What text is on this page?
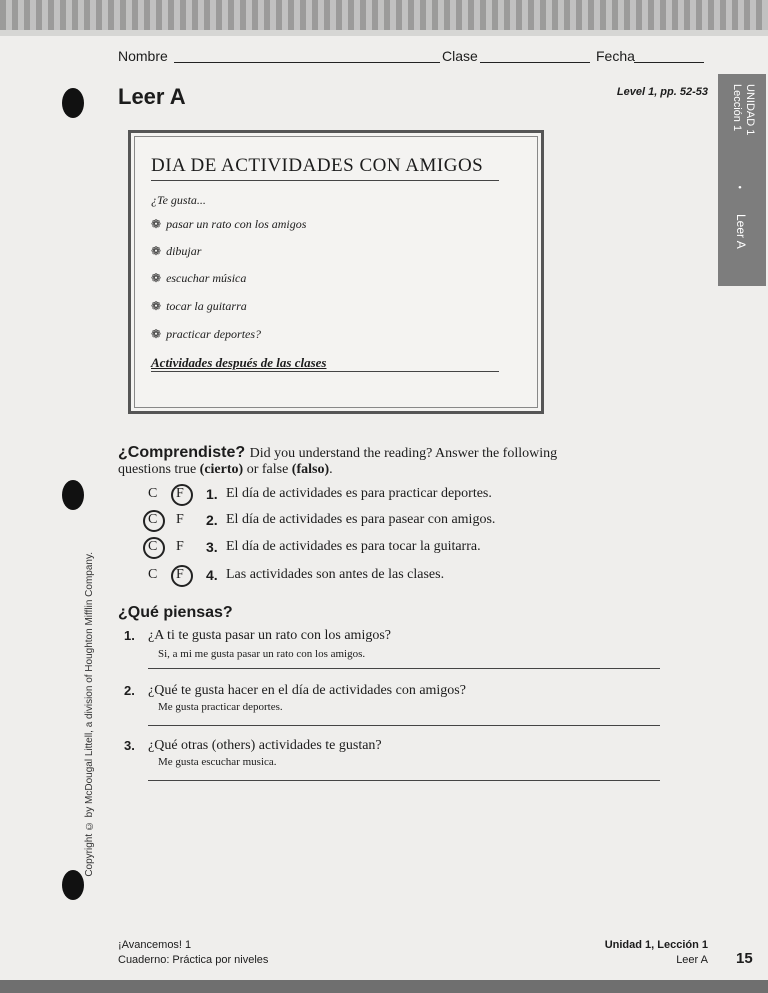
Nombre	Clase	Fecha
Leer A	Level 1, pp. 52-53	UNIDAD 1
Lección 1
•
Leer A
Copyright © by McDougal Littell, a division of Houghton Mifflin Company.
DIA DE ACTIVIDADES CON AMIGOS
¿Te gusta...
❁ pasar un rato con los amigos
❁ dibujar
❁ escuchar música
❁ tocar la guitarra
❁ practicar deportes?
Actividades después de las clases
¿Comprendiste? Did you understand the reading? Answer the following
questions true (cierto) or false (falso).
C F 1. El día de actividades es para practicar deportes.
C F 2. El día de actividades es para pasear con amigos.
C F 3. El día de actividades es para tocar la guitarra.
C F 4. Las actividades son antes de las clases.
¿Qué piensas?
1. ¿A ti te gusta pasar un rato con los amigos?
Si, a mi me gusta pasar un rato con los amigos.
2. ¿Qué te gusta hacer en el día de actividades con amigos?
Me gusta practicar deportes.
3. ¿Qué otras (others) actividades te gustan?
Me gusta escuchar musica.
¡Avancemos! 1
Cuaderno: Práctica por niveles
Unidad 1, Lección 1
Leer A 15
